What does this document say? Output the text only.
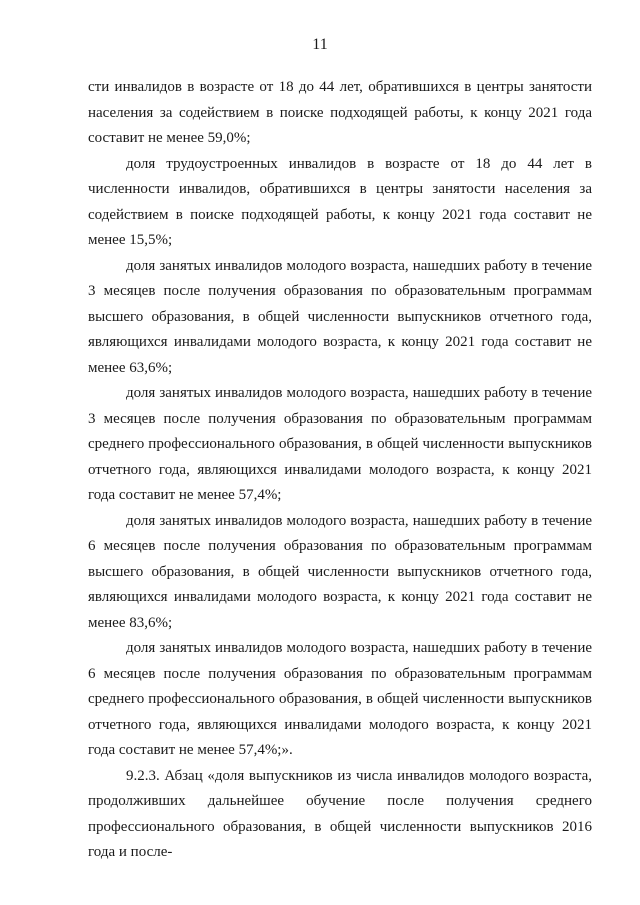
11

сти инвалидов в возрасте от 18 до 44 лет, обратившихся в центры занятости населения за содействием в поиске подходящей работы, к концу 2021 года составит не менее 59,0%;

доля трудоустроенных инвалидов в возрасте от 18 до 44 лет в численности инвалидов, обратившихся в центры занятости населения за содействием в поиске подходящей работы, к концу 2021 года составит не менее 15,5%;

доля занятых инвалидов молодого возраста, нашедших работу в течение 3 месяцев после получения образования по образовательным программам высшего образования, в общей численности выпускников отчетного года, являющихся инвалидами молодого возраста, к концу 2021 года составит не менее 63,6%;

доля занятых инвалидов молодого возраста, нашедших работу в течение 3 месяцев после получения образования по образовательным программам среднего профессионального образования, в общей численности выпускников отчетного года, являющихся инвалидами молодого возраста, к концу 2021 года составит не менее 57,4%;

доля занятых инвалидов молодого возраста, нашедших работу в течение 6 месяцев после получения образования по образовательным программам высшего образования, в общей численности выпускников отчетного года, являющихся инвалидами молодого возраста, к концу 2021 года составит не менее 83,6%;

доля занятых инвалидов молодого возраста, нашедших работу в течение 6 месяцев после получения образования по образовательным программам среднего профессионального образования, в общей численности выпускников отчетного года, являющихся инвалидами молодого возраста, к концу 2021 года составит не менее 57,4%;».

9.2.3. Абзац «доля выпускников из числа инвалидов молодого возраста, продолживших дальнейшее обучение после получения среднего профессионального образования, в общей численности выпускников 2016 года и после-
